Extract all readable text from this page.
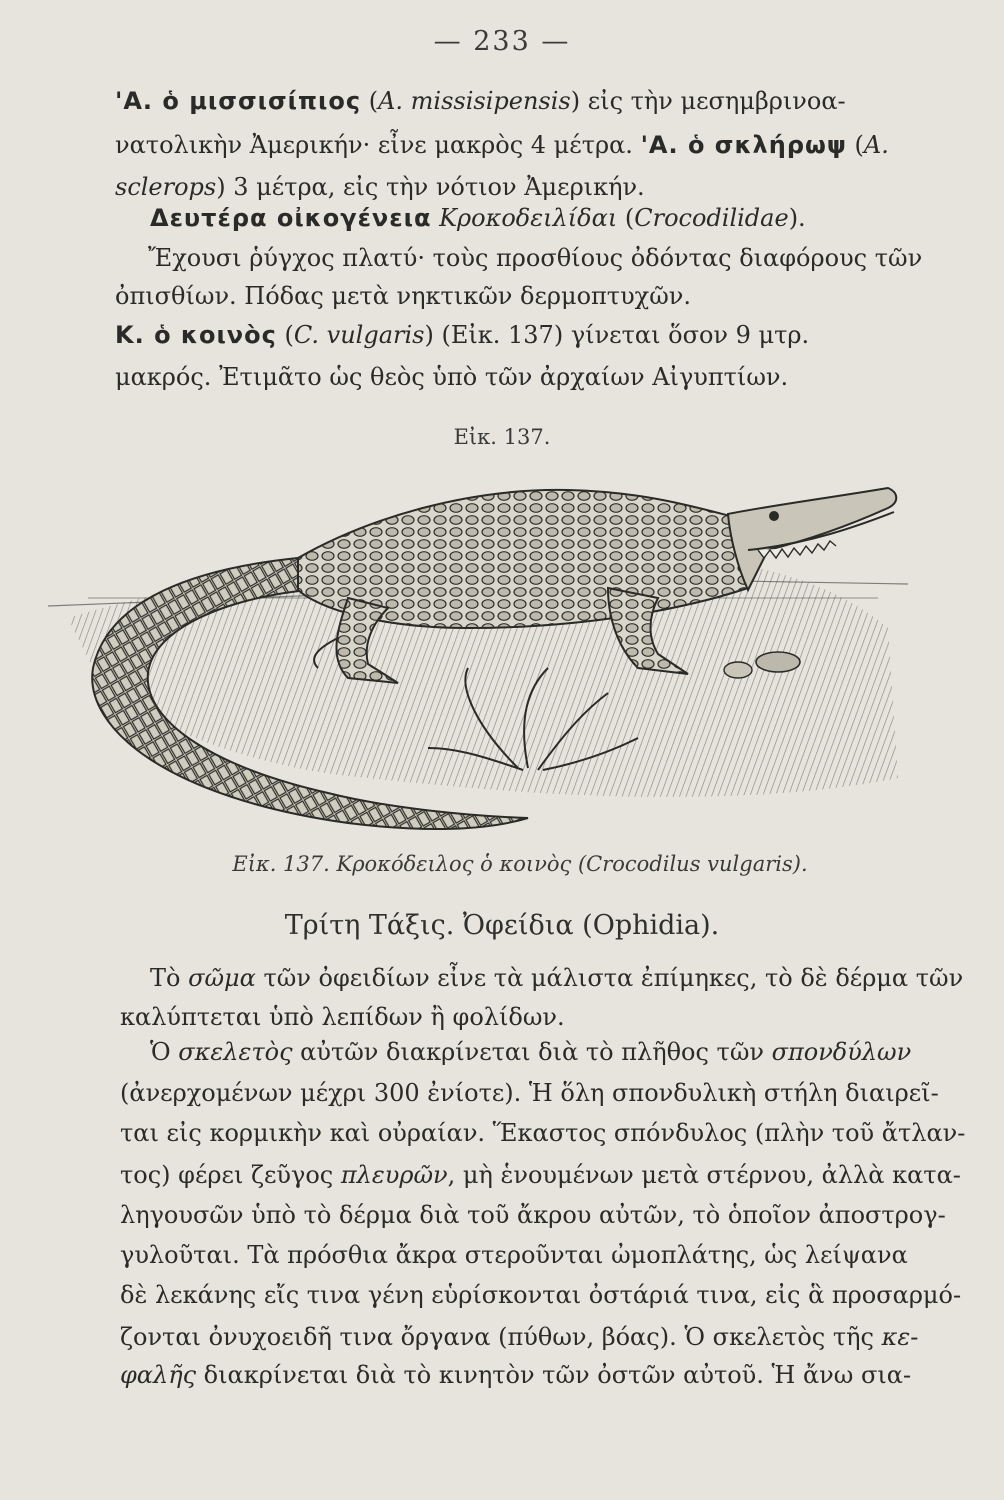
— 233 —
'Α. ὁ μισσισίπιος (A. missisipensis) εἰς τὴν μεσημβρινοα-
νατολικὴν Ἀμερικήν· εἶνε μακρὸς 4 μέτρα. 'Α. ὁ σκλήρωψ (A.
sclerops) 3 μέτρα, εἰς τὴν νότιον Ἀμερικήν.
Δευτέρα οἰκογένεια Κροκοδειλίδαι (Crocodilidae).
Ἔχουσι ῥύγχος πλατύ· τοὺς προσθίους ὀδόντας διαφόρους τῶν
ὀπισθίων. Πόδας μετὰ νηκτικῶν δερμοπτυχῶν.
Κ. ὁ κοινὸς (C. vulgaris) (Εἰκ. 137) γίνεται ὅσον 9 μτρ.
μακρός. Ἐτιμᾶτο ὡς θεὸς ὑπὸ τῶν ἀρχαίων Αἰγυπτίων.
Εἰκ. 137.
Εἰκ. 137. Κροκόδειλος ὁ κοινὸς (Crocodilus vulgaris).
Τρίτη Τάξις. Ὀφείδια (Ophidia).
Τὸ σῶμα τῶν ὀφειδίων εἶνε τὰ μάλιστα ἐπίμηκες, τὸ δὲ δέρμα τῶν
καλύπτεται ὑπὸ λεπίδων ἢ φολίδων.
Ὁ σκελετὸς αὐτῶν διακρίνεται διὰ τὸ πλῆθος τῶν σπονδύλων
(ἀνερχομένων μέχρι 300 ἐνίοτε). Ἡ ὅλη σπονδυλικὴ στήλη διαιρεῖ-
ται εἰς κορμικὴν καὶ οὐραίαν. Ἕκαστος σπόνδυλος (πλὴν τοῦ ἄτλαν-
τος) φέρει ζεῦγος πλευρῶν, μὴ ἑνουμένων μετὰ στέρνου, ἀλλὰ κατα-
ληγουσῶν ὑπὸ τὸ δέρμα διὰ τοῦ ἄκρου αὐτῶν, τὸ ὁποῖον ἀποστρογ-
γυλοῦται. Τὰ πρόσθια ἄκρα στεροῦνται ὠμοπλάτης, ὡς λείψανα
δὲ λεκάνης εἴς τινα γένη εὑρίσκονται ὀστάριά τινα, εἰς ἃ προσαρμό-
ζονται ὀνυχοειδῆ τινα ὄργανα (πύθων, βόας). Ὁ σκελετὸς τῆς κε-
φαλῆς διακρίνεται διὰ τὸ κινητὸν τῶν ὀστῶν αὐτοῦ. Ἡ ἄνω σια-
